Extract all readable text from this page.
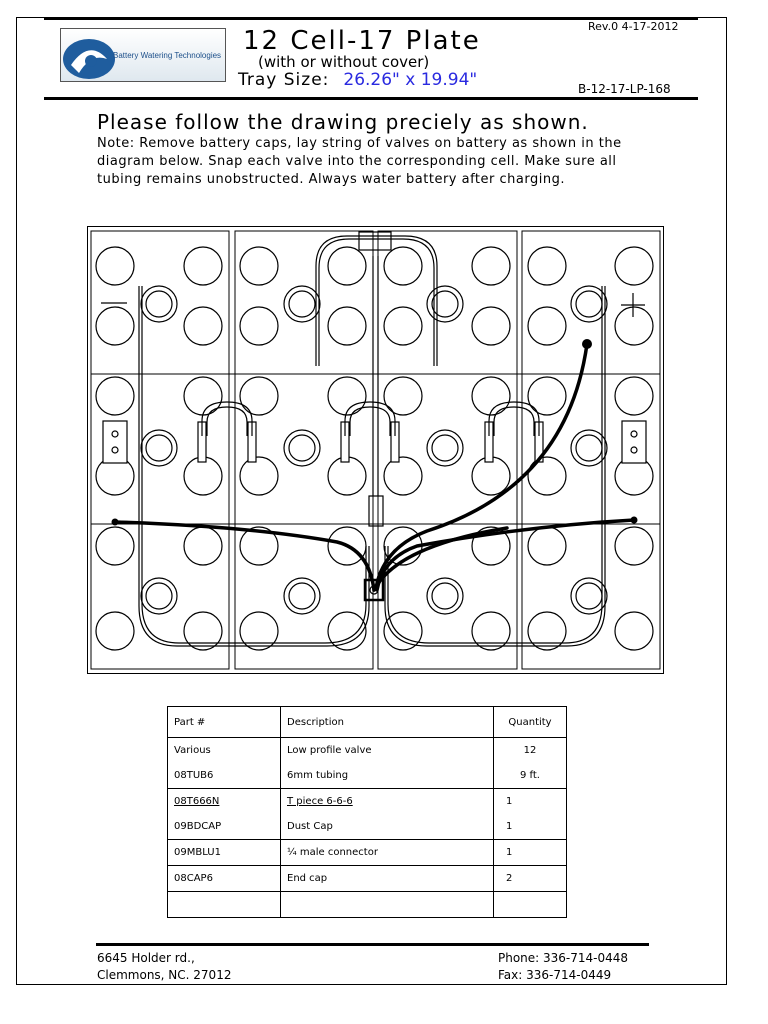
Battery Watering Technologies 12 Cell-17 Plate
(with or without cover)
Tray Size: 26.26" x 19.94"
Rev.0 4-17-2012
B-12-17-LP-168
Please follow the drawing preciely as shown.
Note: Remove battery caps, lay string of valves on battery as shown in the diagram below. Snap each valve into the corresponding cell. Make sure all tubing remains unobstructed. Always water battery after charging.
Part #	Description	Quantity
Various	Low profile valve	12
08TUB6	6mm tubing	9 ft.
08T666N	T piece 6-6-6	1
09BDCAP	Dust Cap	1
09MBLU1	¼ male connector	1
08CAP6	End cap	2

6645 Holder rd.,
Clemmons, NC. 27012
Phone: 336-714-0448
Fax: 336-714-0449
